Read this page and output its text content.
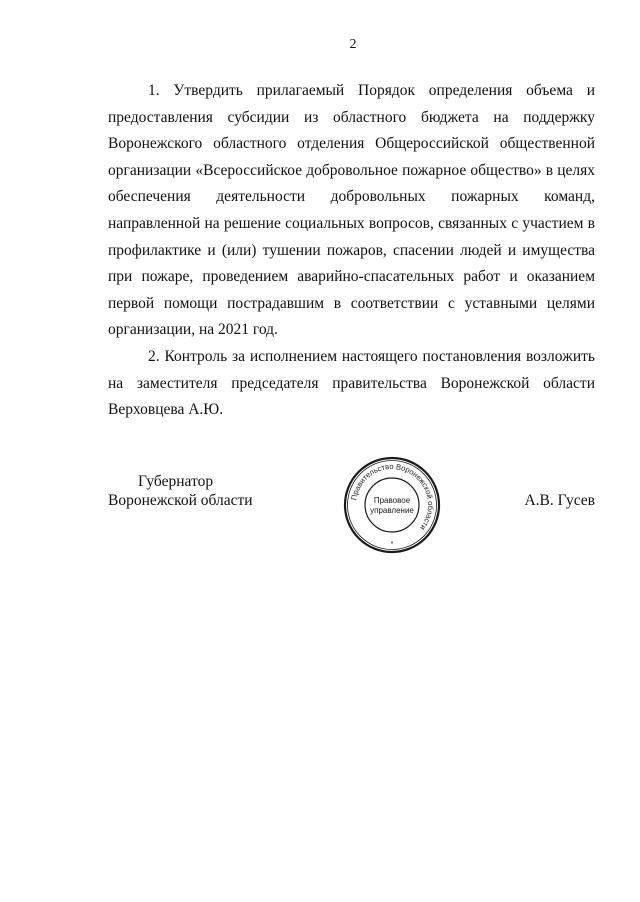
2

1. Утвердить прилагаемый Порядок определения объема и предоставления субсидии из областного бюджета на поддержку Воронежского областного отделения Общероссийской общественной организации «Всероссийское добровольное пожарное общество» в целях обеспечения деятельности добровольных пожарных команд, направленной на решение социальных вопросов, связанных с участием в профилактике и (или) тушении пожаров, спасении людей и имущества при пожаре, проведением аварийно-спасательных работ и оказанием первой помощи пострадавшим в соответствии с уставными целями организации, на 2021 год.

2. Контроль за исполнением настоящего постановления возложить на заместителя председателя правительства Воронежской области Верховцева А.Ю.

Губернатор
Воронежской области	А.В. Гусев
Правительство Воронежской области
Правовое
управление
*
